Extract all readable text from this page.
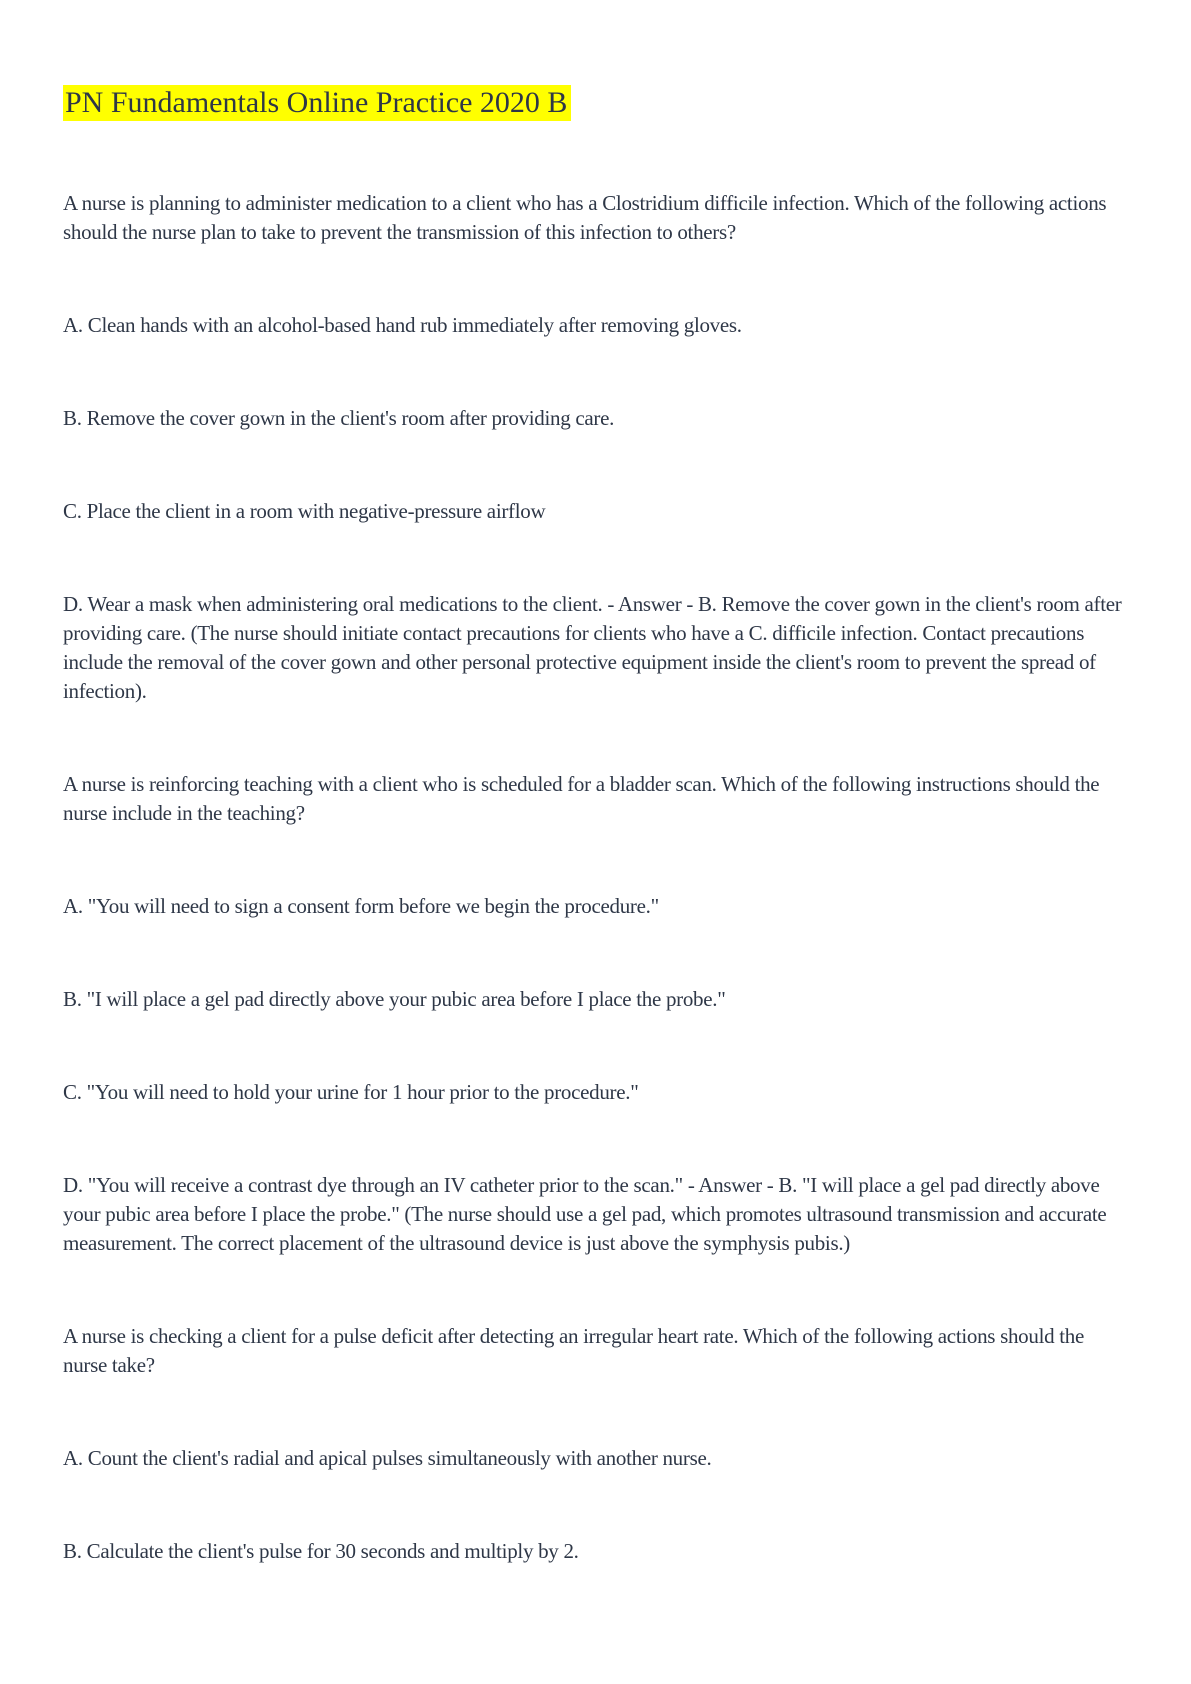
PN Fundamentals Online Practice 2020 B

A nurse is planning to administer medication to a client who has a Clostridium difficile infection. Which of the following actions should the nurse plan to take to prevent the transmission of this infection to others?

A. Clean hands with an alcohol-based hand rub immediately after removing gloves.

B. Remove the cover gown in the client's room after providing care.

C. Place the client in a room with negative-pressure airflow

D. Wear a mask when administering oral medications to the client. - Answer - B. Remove the cover gown in the client's room after providing care. (The nurse should initiate contact precautions for clients who have a C. difficile infection. Contact precautions include the removal of the cover gown and other personal protective equipment inside the client's room to prevent the spread of infection).

A nurse is reinforcing teaching with a client who is scheduled for a bladder scan. Which of the following instructions should the nurse include in the teaching?

A. "You will need to sign a consent form before we begin the procedure."

B. "I will place a gel pad directly above your pubic area before I place the probe."

C. "You will need to hold your urine for 1 hour prior to the procedure."

D. "You will receive a contrast dye through an IV catheter prior to the scan." - Answer - B. "I will place a gel pad directly above your pubic area before I place the probe." (The nurse should use a gel pad, which promotes ultrasound transmission and accurate measurement. The correct placement of the ultrasound device is just above the symphysis pubis.)

A nurse is checking a client for a pulse deficit after detecting an irregular heart rate. Which of the following actions should the nurse take?

A. Count the client's radial and apical pulses simultaneously with another nurse.

B. Calculate the client's pulse for 30 seconds and multiply by 2.
